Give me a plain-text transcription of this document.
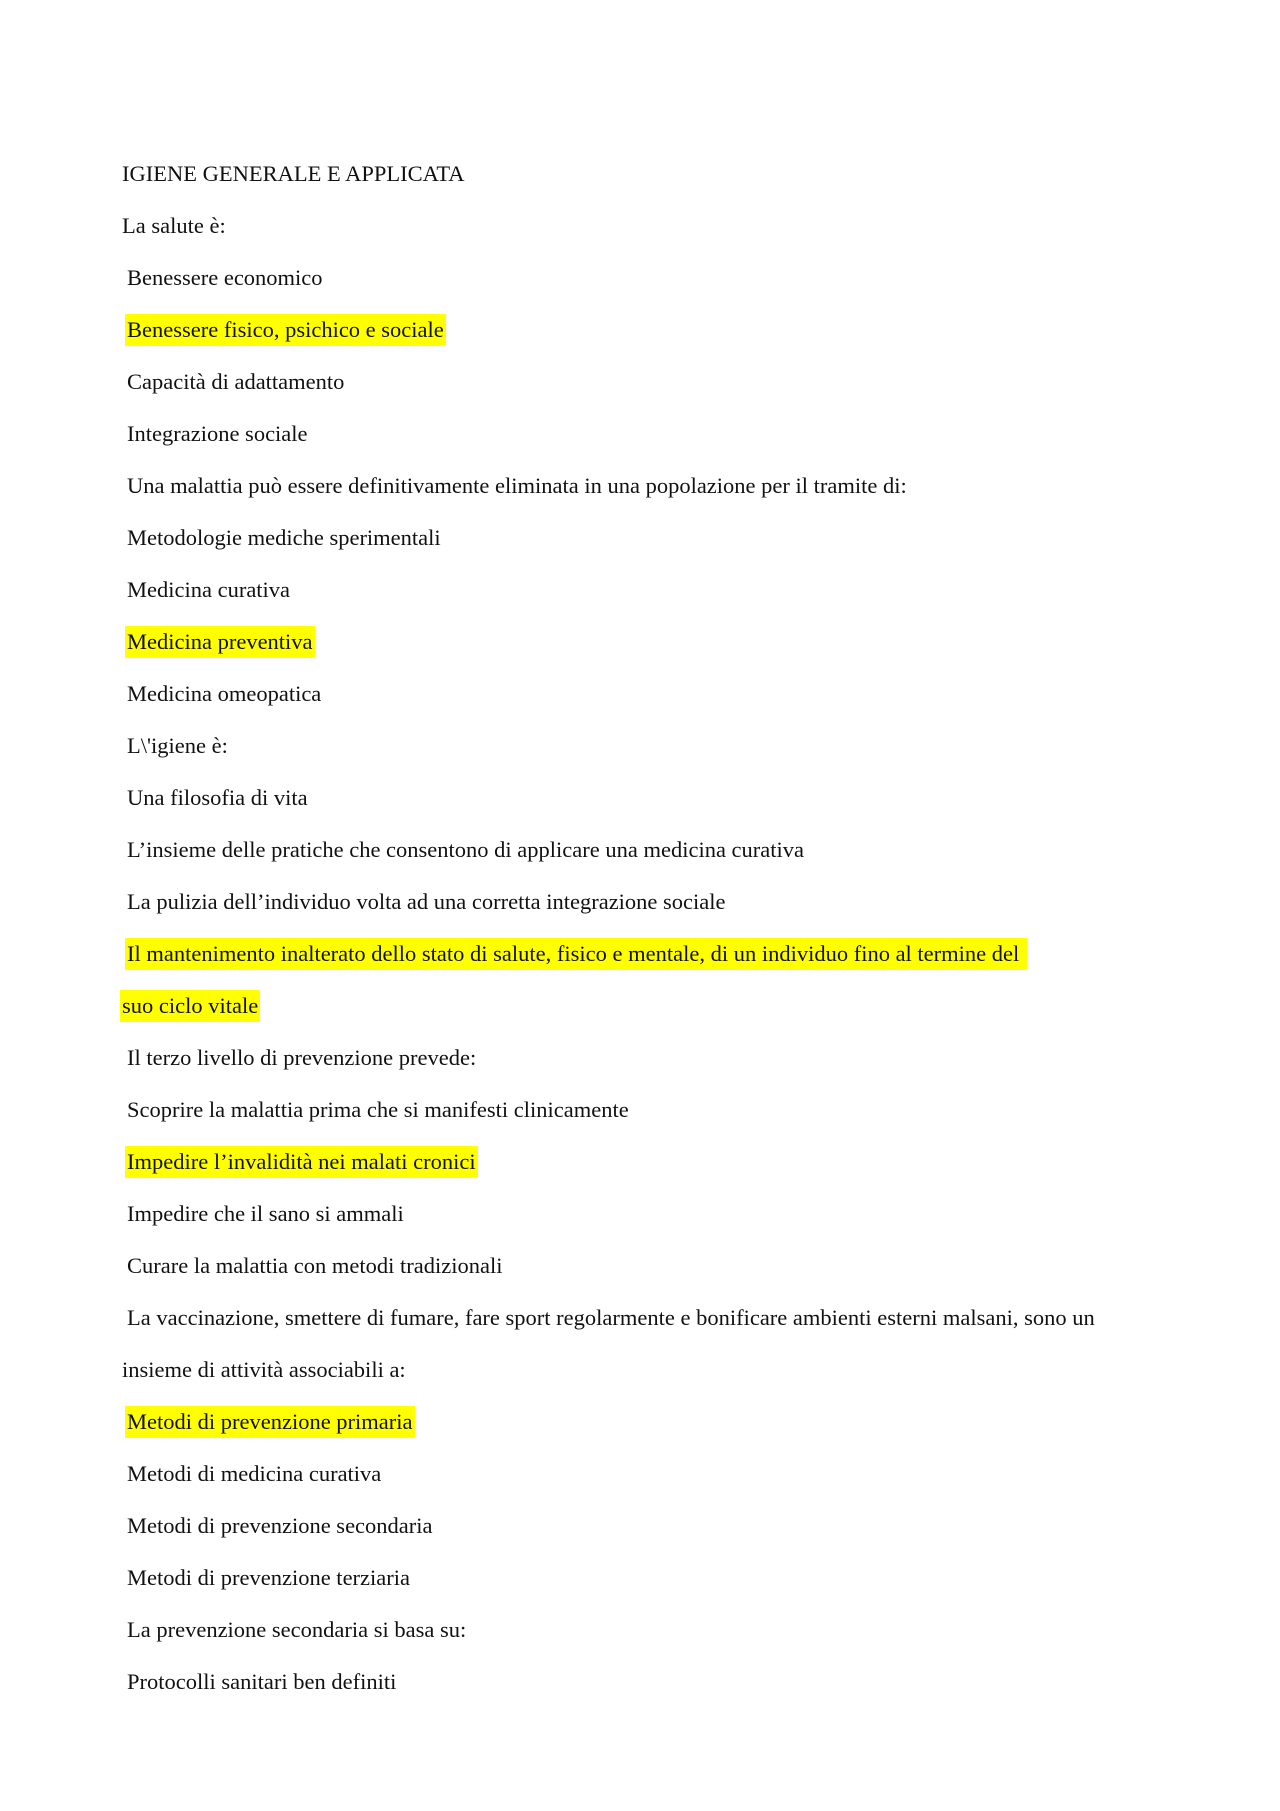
IGIENE GENERALE E APPLICATA
La salute è:
Benessere economico
Benessere fisico, psichico e sociale
Capacità di adattamento
Integrazione sociale
Una malattia può essere definitivamente eliminata in una popolazione per il tramite di:
Metodologie mediche sperimentali
Medicina curativa
Medicina preventiva
Medicina omeopatica
L\'igiene è:
Una filosofia di vita
L’insieme delle pratiche che consentono di applicare una medicina curativa
La pulizia dell’individuo volta ad una corretta integrazione sociale
Il mantenimento inalterato dello stato di salute, fisico e mentale, di un individuo fino al termine del
suo ciclo vitale
Il terzo livello di prevenzione prevede:
Scoprire la malattia prima che si manifesti clinicamente
Impedire l’invalidità nei malati cronici
Impedire che il sano si ammali
Curare la malattia con metodi tradizionali
La vaccinazione, smettere di fumare, fare sport regolarmente e bonificare ambienti esterni malsani, sono un
insieme di attività associabili a:
Metodi di prevenzione primaria
Metodi di medicina curativa
Metodi di prevenzione secondaria
Metodi di prevenzione terziaria
La prevenzione secondaria si basa su:
Protocolli sanitari ben definiti
